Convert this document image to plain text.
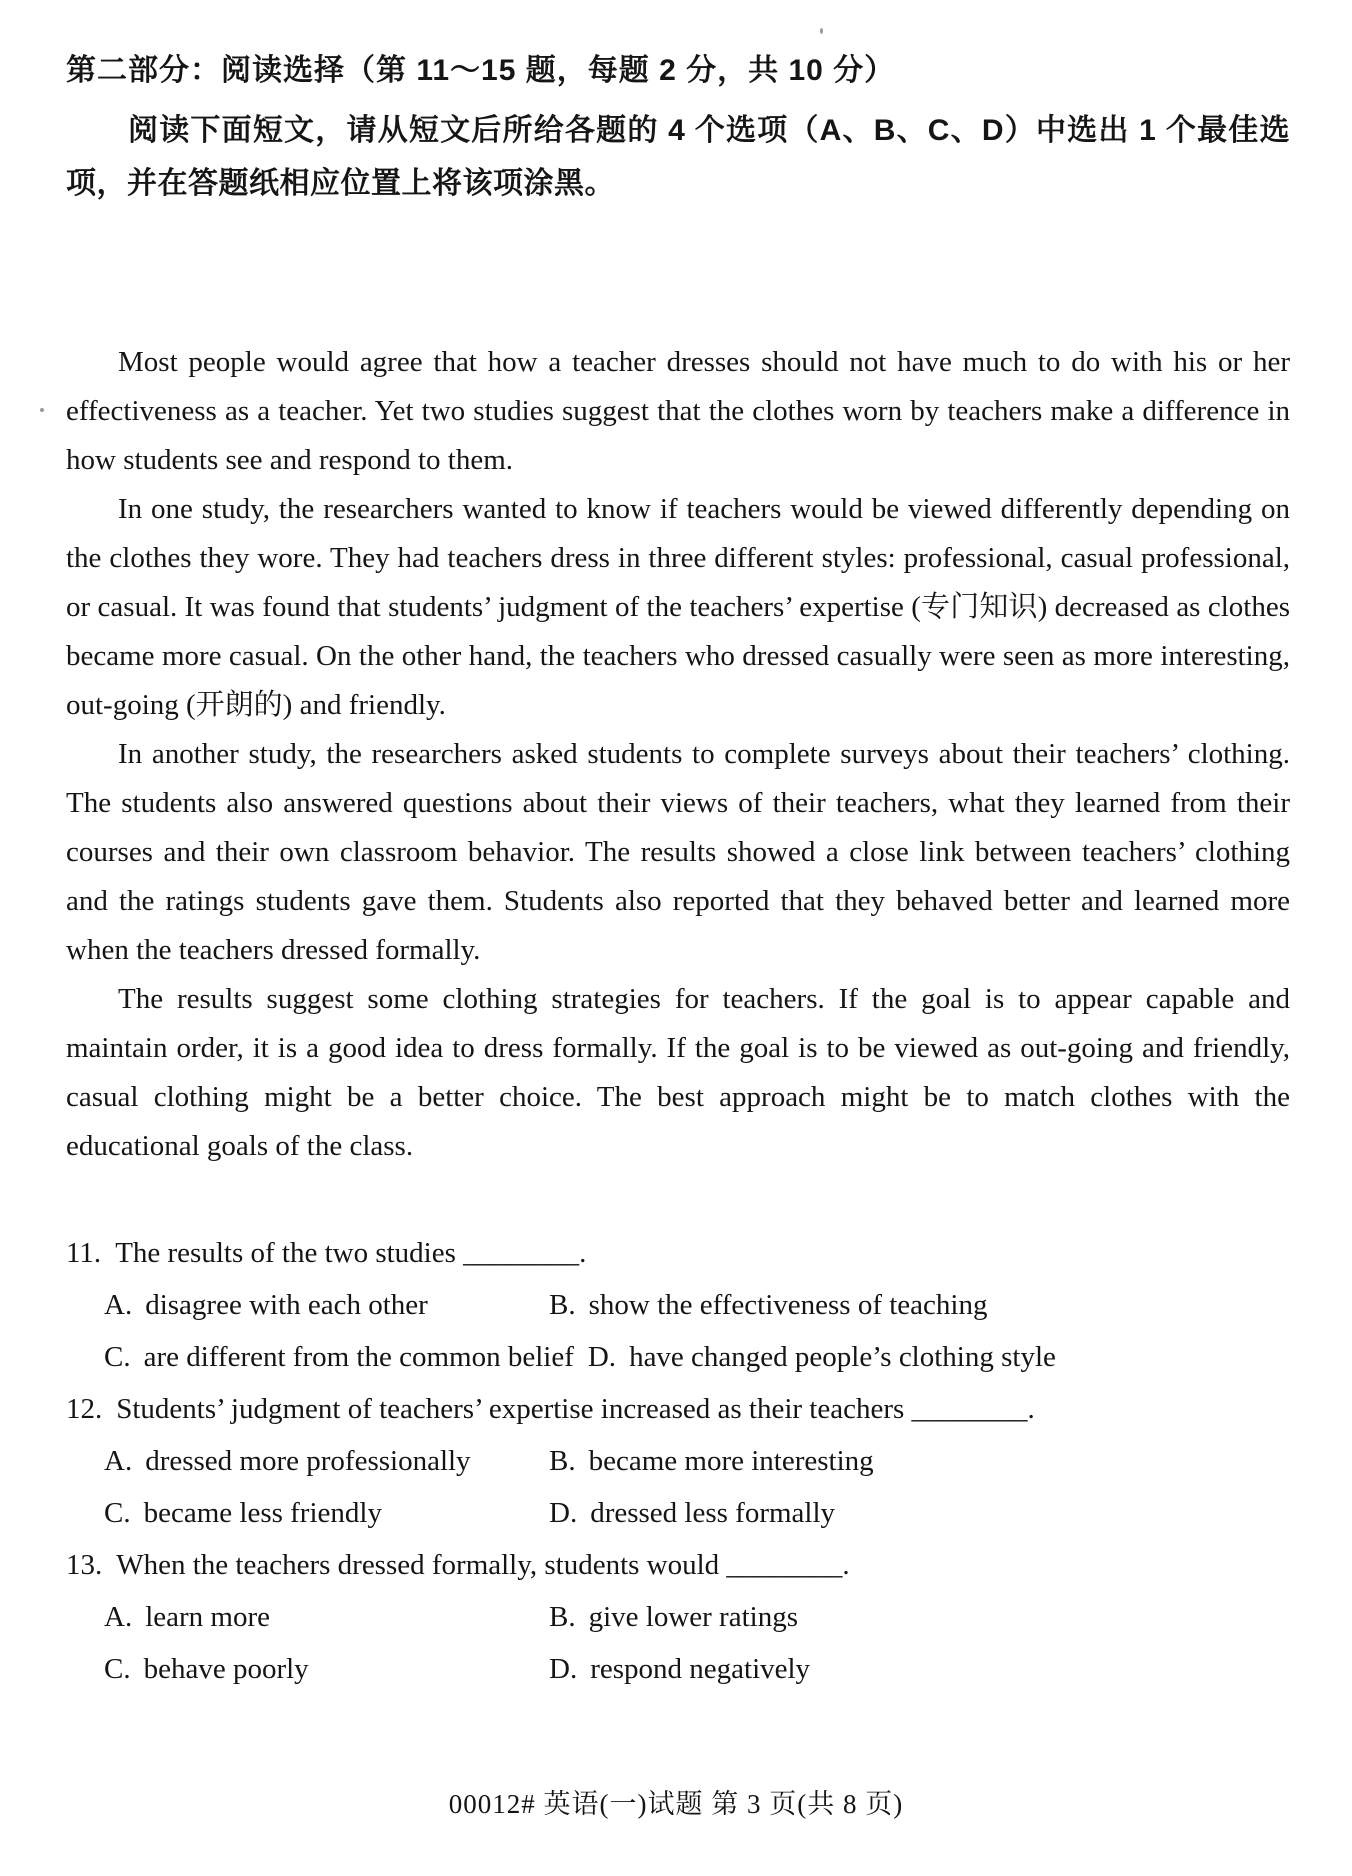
第二部分：阅读选择（第 11～15 题，每题 2 分，共 10 分）

阅读下面短文，请从短文后所给各题的 4 个选项（A、B、C、D）中选出 1 个最佳选项，并在答题纸相应位置上将该项涂黑。

Most people would agree that how a teacher dresses should not have much to do with his or her effectiveness as a teacher. Yet two studies suggest that the clothes worn by teachers make a difference in how students see and respond to them.

In one study, the researchers wanted to know if teachers would be viewed differently depending on the clothes they wore. They had teachers dress in three different styles: professional, casual professional, or casual. It was found that students’ judgment of the teachers’ expertise (专门知识) decreased as clothes became more casual. On the other hand, the teachers who dressed casually were seen as more interesting, out-going (开朗的) and friendly.

In another study, the researchers asked students to complete surveys about their teachers’ clothing. The students also answered questions about their views of their teachers, what they learned from their courses and their own classroom behavior. The results showed a close link between teachers’ clothing and the ratings students gave them. Students also reported that they behaved better and learned more when the teachers dressed formally.

The results suggest some clothing strategies for teachers. If the goal is to appear capable and maintain order, it is a good idea to dress formally. If the goal is to be viewed as out-going and friendly, casual clothing might be a better choice. The best approach might be to match clothes with the educational goals of the class.

11. The results of the two studies ________.
A. disagree with each other	B. show the effectiveness of teaching
C. are different from the common belief D. have changed people’s clothing style
12. Students’ judgment of teachers’ expertise increased as their teachers ________.
A. dressed more professionally	B. became more interesting
C. became less friendly	D. dressed less formally
13. When the teachers dressed formally, students would ________.
A. learn more	B. give lower ratings
C. behave poorly	D. respond negatively
00012# 英语(一)试题 第 3 页(共 8 页)
